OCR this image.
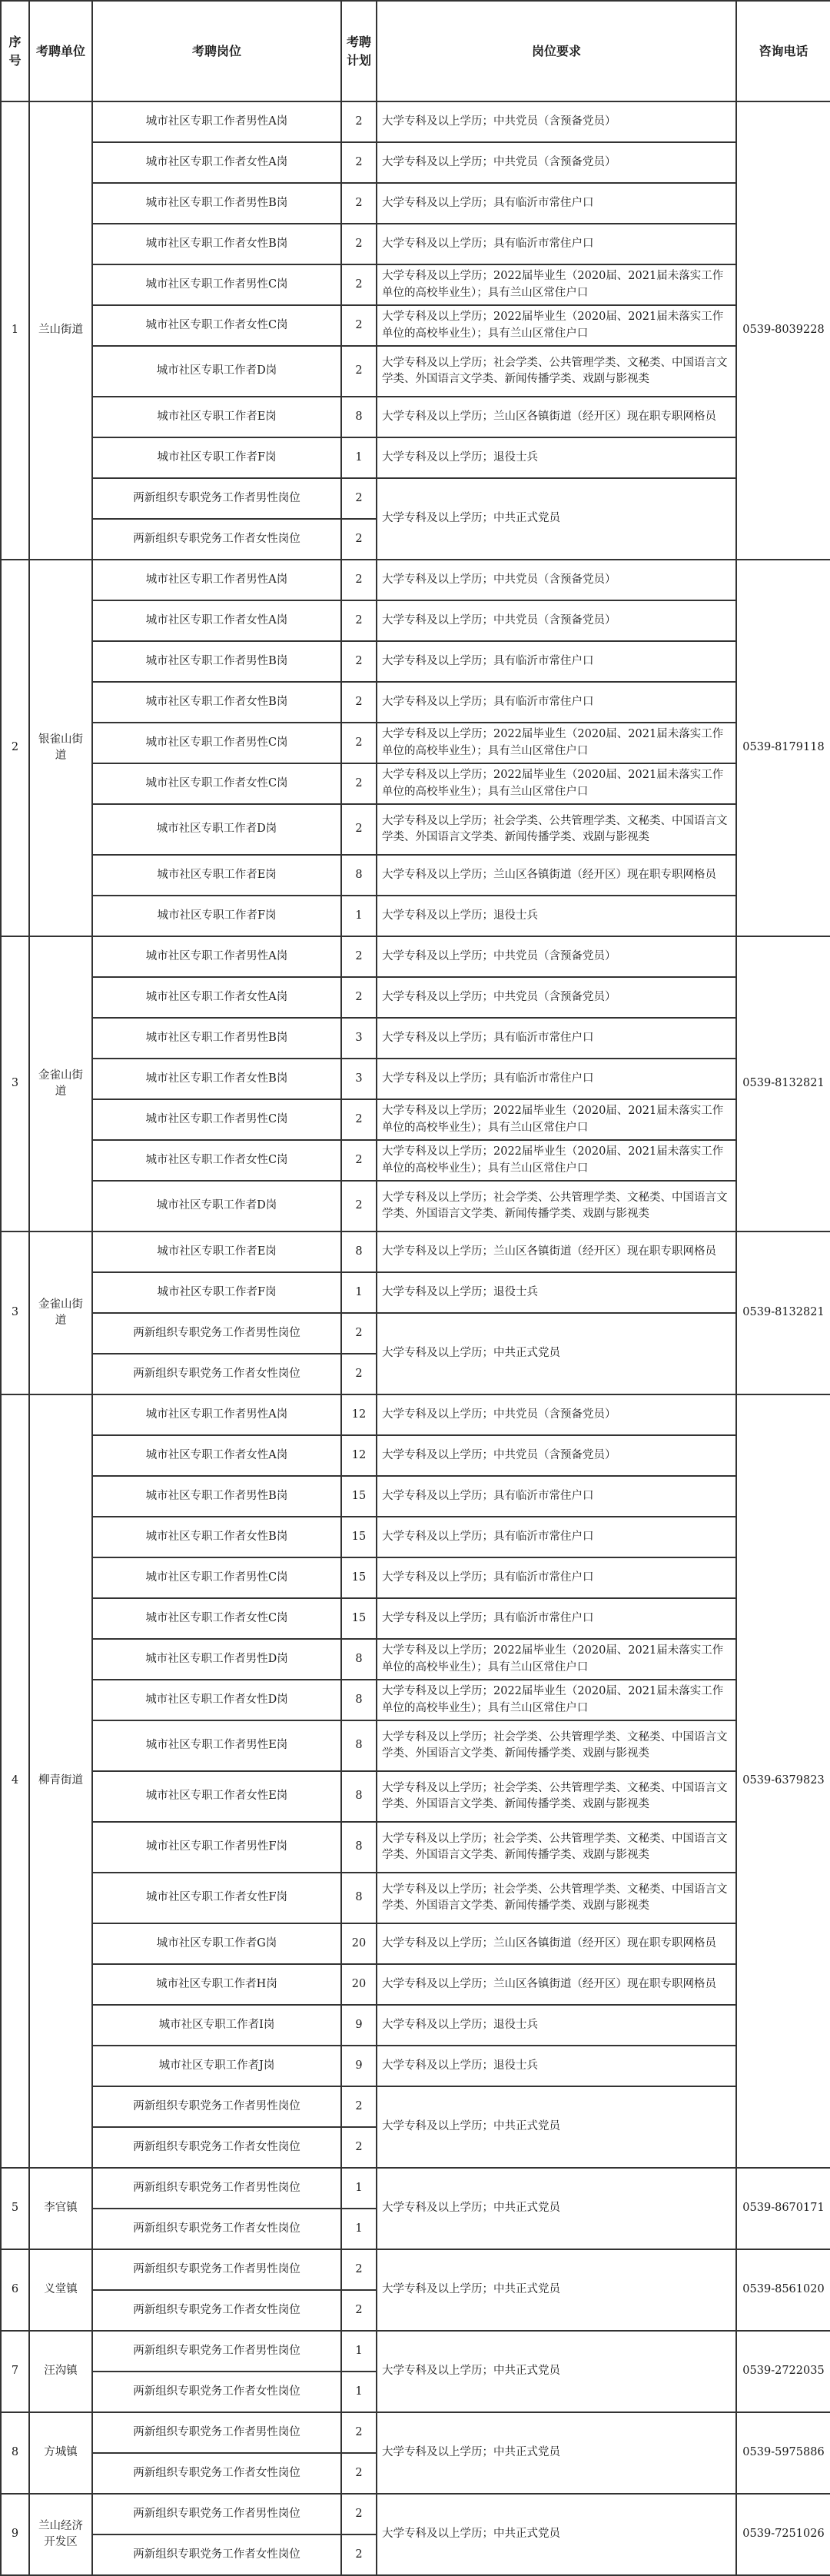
序号	考聘单位	考聘岗位	考聘计划	岗位要求	咨询电话
1	兰山街道	城市社区专职工作者男性A岗	2	大学专科及以上学历；中共党员（含预备党员）	0539-8039228
		城市社区专职工作者女性A岗	2	大学专科及以上学历；中共党员（含预备党员）	
		城市社区专职工作者男性B岗	2	大学专科及以上学历；具有临沂市常住户口	
		城市社区专职工作者女性B岗	2	大学专科及以上学历；具有临沂市常住户口	
		城市社区专职工作者男性C岗	2	大学专科及以上学历；2022届毕业生（2020届、2021届未落实工作单位的高校毕业生）；具有兰山区常住户口	
		城市社区专职工作者女性C岗	2	大学专科及以上学历；2022届毕业生（2020届、2021届未落实工作单位的高校毕业生）；具有兰山区常住户口	
		城市社区专职工作者D岗	2	大学专科及以上学历；社会学类、公共管理学类、文秘类、中国语言文学类、外国语言文学类、新闻传播学类、戏剧与影视类	
		城市社区专职工作者E岗	8	大学专科及以上学历；兰山区各镇街道（经开区）现在职专职网格员	
		城市社区专职工作者F岗	1	大学专科及以上学历；退役士兵	
		两新组织专职党务工作者男性岗位	2	大学专科及以上学历；中共正式党员	
		两新组织专职党务工作者女性岗位	2		
2	银雀山街道	城市社区专职工作者男性A岗	2	大学专科及以上学历；中共党员（含预备党员）	0539-8179118
		城市社区专职工作者女性A岗	2	大学专科及以上学历；中共党员（含预备党员）	
		城市社区专职工作者男性B岗	2	大学专科及以上学历；具有临沂市常住户口	
		城市社区专职工作者女性B岗	2	大学专科及以上学历；具有临沂市常住户口	
		城市社区专职工作者男性C岗	2	大学专科及以上学历；2022届毕业生（2020届、2021届未落实工作单位的高校毕业生）；具有兰山区常住户口	
		城市社区专职工作者女性C岗	2	大学专科及以上学历；2022届毕业生（2020届、2021届未落实工作单位的高校毕业生）；具有兰山区常住户口	
		城市社区专职工作者D岗	2	大学专科及以上学历；社会学类、公共管理学类、文秘类、中国语言文学类、外国语言文学类、新闻传播学类、戏剧与影视类	
		城市社区专职工作者E岗	8	大学专科及以上学历；兰山区各镇街道（经开区）现在职专职网格员	
		城市社区专职工作者F岗	1	大学专科及以上学历；退役士兵	
3	金雀山街道	城市社区专职工作者男性A岗	2	大学专科及以上学历；中共党员（含预备党员）	0539-8132821
		城市社区专职工作者女性A岗	2	大学专科及以上学历；中共党员（含预备党员）	
		城市社区专职工作者男性B岗	3	大学专科及以上学历；具有临沂市常住户口	
		城市社区专职工作者女性B岗	3	大学专科及以上学历；具有临沂市常住户口	
		城市社区专职工作者男性C岗	2	大学专科及以上学历；2022届毕业生（2020届、2021届未落实工作单位的高校毕业生）；具有兰山区常住户口	
		城市社区专职工作者女性C岗	2	大学专科及以上学历；2022届毕业生（2020届、2021届未落实工作单位的高校毕业生）；具有兰山区常住户口	
		城市社区专职工作者D岗	2	大学专科及以上学历；社会学类、公共管理学类、文秘类、中国语言文学类、外国语言文学类、新闻传播学类、戏剧与影视类	
3	金雀山街道	城市社区专职工作者E岗	8	大学专科及以上学历；兰山区各镇街道（经开区）现在职专职网格员	0539-8132821
		城市社区专职工作者F岗	1	大学专科及以上学历；退役士兵	
		两新组织专职党务工作者男性岗位	2	大学专科及以上学历；中共正式党员	
		两新组织专职党务工作者女性岗位	2		
4	柳青街道	城市社区专职工作者男性A岗	12	大学专科及以上学历；中共党员（含预备党员）	0539-6379823
		城市社区专职工作者女性A岗	12	大学专科及以上学历；中共党员（含预备党员）	
		城市社区专职工作者男性B岗	15	大学专科及以上学历；具有临沂市常住户口	
		城市社区专职工作者女性B岗	15	大学专科及以上学历；具有临沂市常住户口	
		城市社区专职工作者男性C岗	15	大学专科及以上学历；具有临沂市常住户口	
		城市社区专职工作者女性C岗	15	大学专科及以上学历；具有临沂市常住户口	
		城市社区专职工作者男性D岗	8	大学专科及以上学历；2022届毕业生（2020届、2021届未落实工作单位的高校毕业生）；具有兰山区常住户口	
		城市社区专职工作者女性D岗	8	大学专科及以上学历；2022届毕业生（2020届、2021届未落实工作单位的高校毕业生）；具有兰山区常住户口	
		城市社区专职工作者男性E岗	8	大学专科及以上学历；社会学类、公共管理学类、文秘类、中国语言文学类、外国语言文学类、新闻传播学类、戏剧与影视类	
		城市社区专职工作者女性E岗	8	大学专科及以上学历；社会学类、公共管理学类、文秘类、中国语言文学类、外国语言文学类、新闻传播学类、戏剧与影视类	
		城市社区专职工作者男性F岗	8	大学专科及以上学历；社会学类、公共管理学类、文秘类、中国语言文学类、外国语言文学类、新闻传播学类、戏剧与影视类	
		城市社区专职工作者女性F岗	8	大学专科及以上学历；社会学类、公共管理学类、文秘类、中国语言文学类、外国语言文学类、新闻传播学类、戏剧与影视类	
		城市社区专职工作者G岗	20	大学专科及以上学历；兰山区各镇街道（经开区）现在职专职网格员	
		城市社区专职工作者H岗	20	大学专科及以上学历；兰山区各镇街道（经开区）现在职专职网格员	
		城市社区专职工作者I岗	9	大学专科及以上学历；退役士兵	
		城市社区专职工作者J岗	9	大学专科及以上学历；退役士兵	
		两新组织专职党务工作者男性岗位	2	大学专科及以上学历；中共正式党员	
		两新组织专职党务工作者女性岗位	2		
5	李官镇	两新组织专职党务工作者男性岗位	1	大学专科及以上学历；中共正式党员	0539-8670171
		两新组织专职党务工作者女性岗位	1		
6	义堂镇	两新组织专职党务工作者男性岗位	2	大学专科及以上学历；中共正式党员	0539-8561020
		两新组织专职党务工作者女性岗位	2		
7	汪沟镇	两新组织专职党务工作者男性岗位	1	大学专科及以上学历；中共正式党员	0539-2722035
		两新组织专职党务工作者女性岗位	1		
8	方城镇	两新组织专职党务工作者男性岗位	2	大学专科及以上学历；中共正式党员	0539-5975886
		两新组织专职党务工作者女性岗位	2		
9	兰山经济开发区	两新组织专职党务工作者男性岗位	2	大学专科及以上学历；中共正式党员	0539-7251026
		两新组织专职党务工作者女性岗位	2		
